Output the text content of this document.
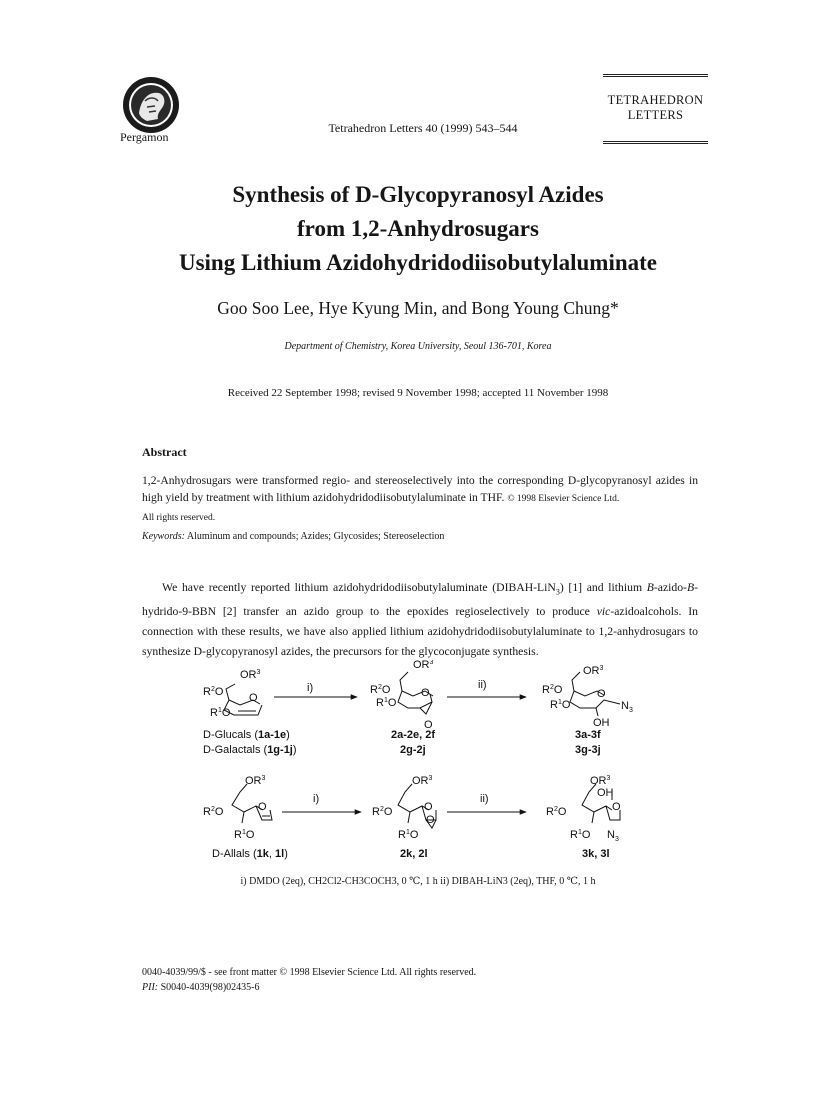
Pergamon
Tetrahedron Letters 40 (1999) 543–544
TETRAHEDRON
LETTERS
Synthesis of D-Glycopyranosyl Azides
from 1,2-Anhydrosugars
Using Lithium Azidohydridodiisobutylaluminate
Goo Soo Lee, Hye Kyung Min, and Bong Young Chung*
Department of Chemistry, Korea University, Seoul 136-701, Korea
Received 22 September 1998; revised 9 November 1998; accepted 11 November 1998
Abstract
1,2-Anhydrosugars were transformed regio- and stereoselectively into the corresponding D-glycopyranosyl azides in high yield by treatment with lithium azidohydridodiisobutylaluminate in THF. © 1998 Elsevier Science Ltd.
All rights reserved.
Keywords: Aluminum and compounds; Azides; Glycosides; Stereoselection
We have recently reported lithium azidohydridodiisobutylaluminate (DIBAH-LiN$_3$) [1] and lithium B-azido-B-hydrido-9-BBN [2] transfer an azido group to the epoxides regioselectively to produce vic-azidoalcohols. In connection with these results, we have also applied lithium azidohydridodiisobutylaluminate to 1,2-anhydrosugars to synthesize D-glycopyranosyl azides, the precursors for the glycoconjugate synthesis.
$OR^3$
$R^2O$ O
$R^1O$
i)
$OR^3$
$R^2O$	O
$R^1O$
O
ii)
$OR^3$
$R^2O$	O
$R^1O$	$N_3$
OH
D-Glucals (1a-1e)
D-Galactals (1g-1j)
2a-2e, 2f
2g-2j
3a-3f
3g-3j
$OR^3$
$R^2O$	O
$R^1O$
i)
$OR^3$
$R^2O$	O
$R^1O$
O
ii)
$OR^3$
OH
$R^2O$	O
$R^1O$ $N_3$
D-Allals (1k, 1l)	2k, 2l	3k, 3l
i) DMDO (2eq), CH2Cl2-CH3COCH3, 0 ℃, 1 h ii) DIBAH-LiN3 (2eq), THF, 0 ℃, 1 h
0040-4039/99/$ - see front matter © 1998 Elsevier Science Ltd. All rights reserved.
PII: S0040-4039(98)02435-6
